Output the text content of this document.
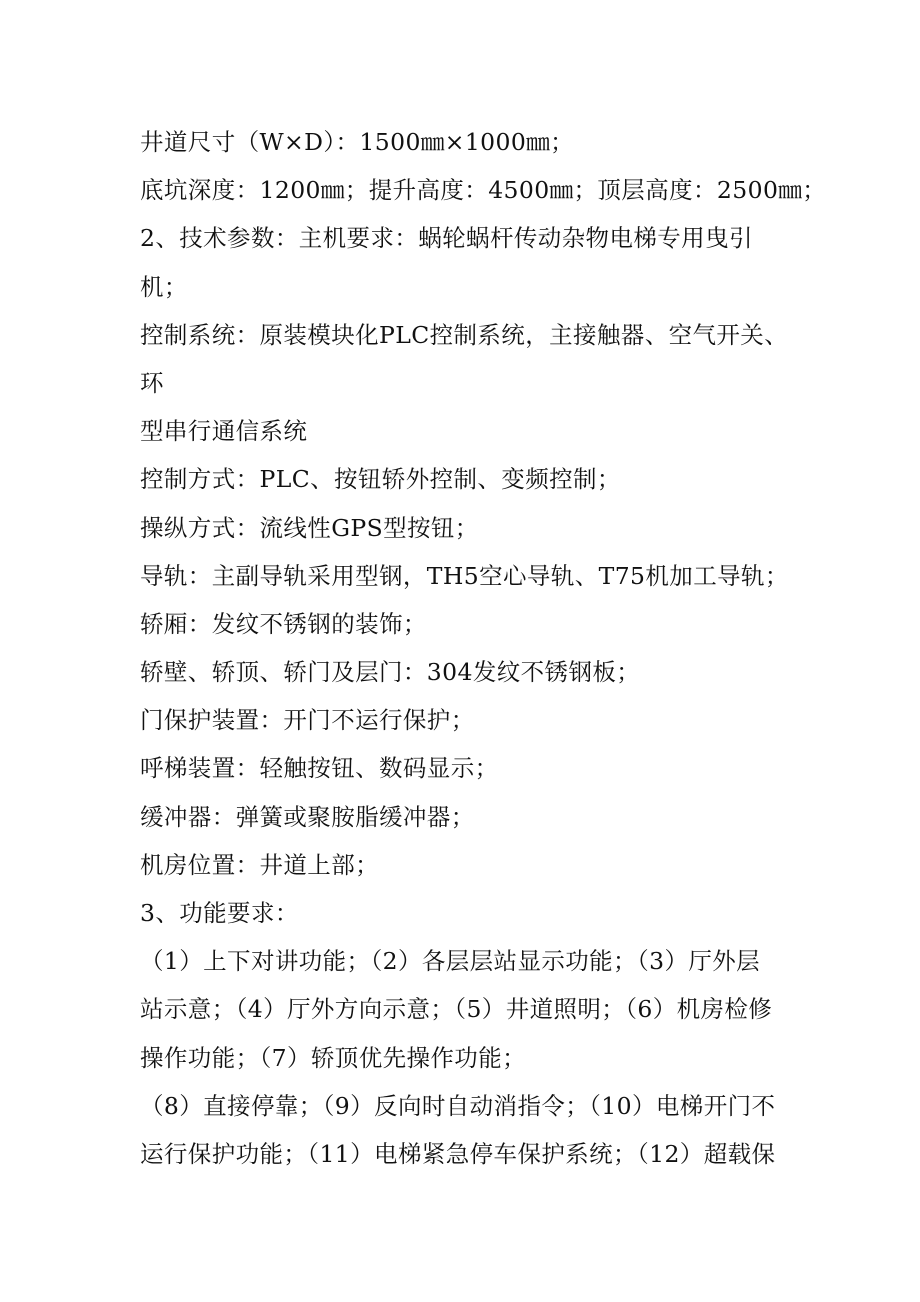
井道尺寸（W×D）：1500㎜×1000㎜；
底坑深度：1200㎜；提升高度：4500㎜；顶层高度：2500㎜；
2、技术参数：主机要求：蜗轮蜗杆传动杂物电梯专用曳引
机；
控制系统：原装模块化PLC控制系统，主接触器、空气开关、
环
型串行通信系统
控制方式：PLC、按钮轿外控制、变频控制；
操纵方式：流线性GPS型按钮；
导轨：主副导轨采用型钢，TH5空心导轨、T75机加工导轨；
轿厢：发纹不锈钢的装饰；
轿壁、轿顶、轿门及层门：304发纹不锈钢板；
门保护装置：开门不运行保护；
呼梯装置：轻触按钮、数码显示；
缓冲器：弹簧或聚胺脂缓冲器；
机房位置：井道上部；
3、功能要求：
（1）上下对讲功能；（2）各层层站显示功能；（3）厅外层
站示意；（4）厅外方向示意；（5）井道照明；（6）机房检修
操作功能；（7）轿顶优先操作功能；
（8）直接停靠；（9）反向时自动消指令；（10）电梯开门不
运行保护功能；（11）电梯紧急停车保护系统；（12）超载保
